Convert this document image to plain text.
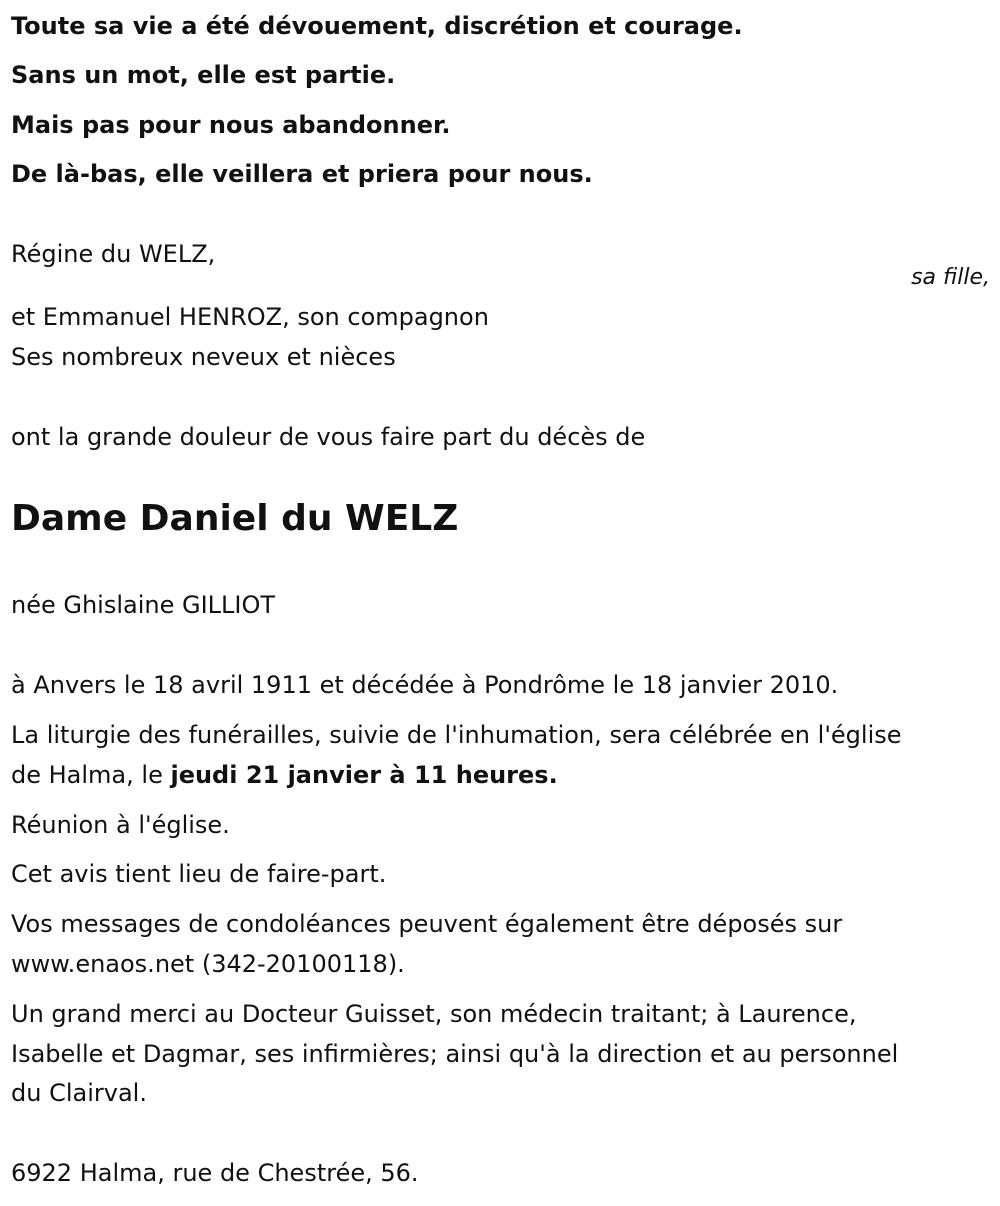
Toute sa vie a été dévouement, discrétion et courage.

Sans un mot, elle est partie.

Mais pas pour nous abandonner.

De là-bas, elle veillera et priera pour nous.

Régine du WELZ,

sa fille,

et Emmanuel HENROZ, son compagnon

Ses nombreux neveux et nièces

ont la grande douleur de vous faire part du décès de

Dame Daniel du WELZ

née Ghislaine GILLIOT

à Anvers le 18 avril 1911 et décédée à Pondrôme le 18 janvier 2010.

La liturgie des funérailles, suivie de l'inhumation, sera célébrée en l'église

de Halma, le jeudi 21 janvier à 11 heures.

Réunion à l'église.

Cet avis tient lieu de faire-part.

Vos messages de condoléances peuvent également être déposés sur

www.enaos.net (342-20100118).

Un grand merci au Docteur Guisset, son médecin traitant; à Laurence,

Isabelle et Dagmar, ses infirmières; ainsi qu'à la direction et au personnel

du Clairval.

6922 Halma, rue de Chestrée, 56.
